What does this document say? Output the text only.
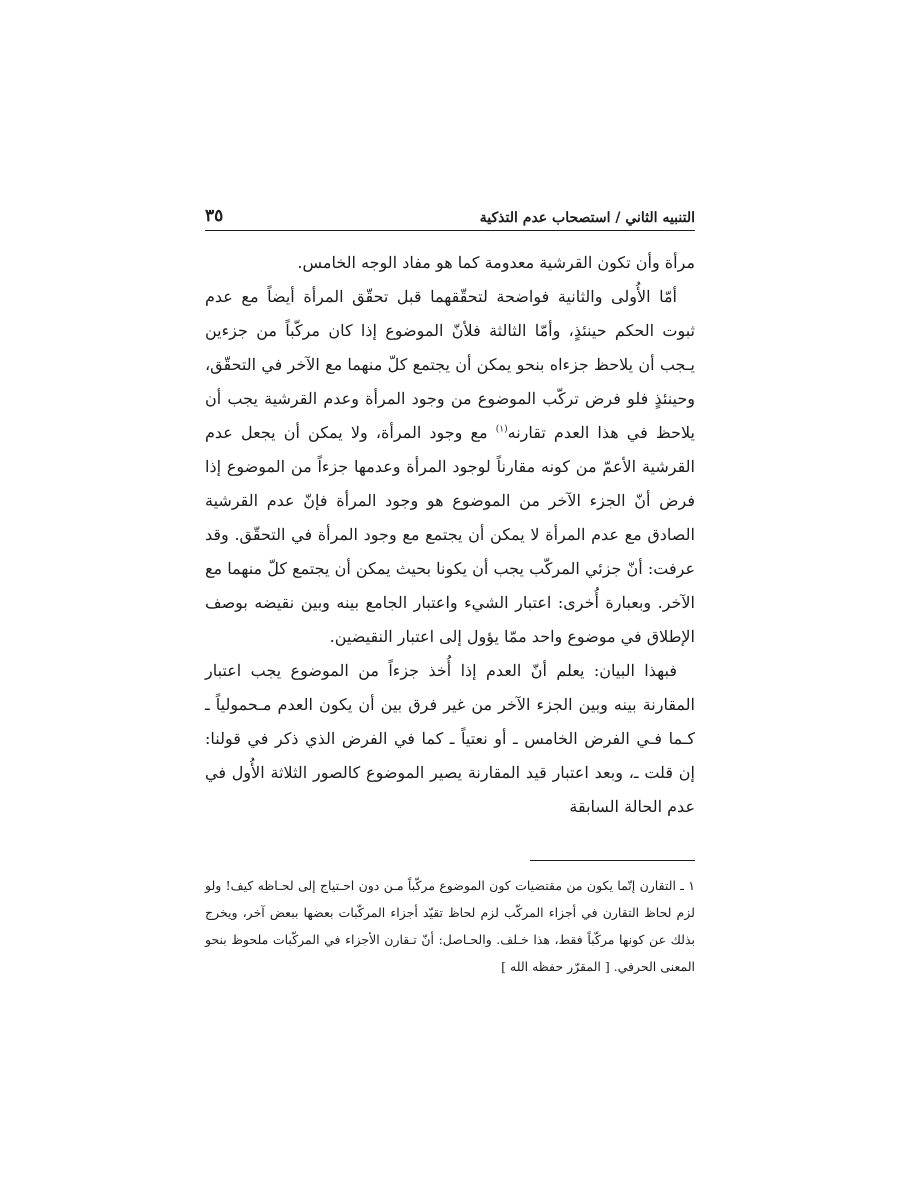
التنبيه الثاني / استصحاب عدم التذكية
٣٥

مرأة وأن تكون القرشية معدومة كما هو مفاد الوجه الخامس.

أمّا الأُولى والثانية فواضحة لتحقّقهما قبل تحقّق المرأة أيضاً مع عدم ثبوت الحكم حينئذٍ، وأمّا الثالثة فلأنّ الموضوع إذا كان مركّباً من جزءين يـجب أن يلاحظ جزءاه بنحو يمكن أن يجتمع كلّ منهما مع الآخر في التحقّق، وحينئذٍ فلو فرض تركّب الموضوع من وجود المرأة وعدم القرشية يجب أن يلاحظ في هذا العدم تقارنه$^{(١)}$ مع وجود المرأة، ولا يمكن أن يجعل عدم القرشية الأعمّ من كونه مقارناً لوجود المرأة وعدمها جزءاً من الموضوع إذا فرض أنّ الجزء الآخر من الموضوع هو وجود المرأة فإنّ عدم القرشية الصادق مع عدم المرأة لا يمكن أن يجتمع مع وجود المرأة في التحقّق. وقد عرفت: أنّ جزئي المركّب يجب أن يكونا بحيث يمكن أن يجتمع كلّ منهما مع الآخر. وبعبارة أُخرى: اعتبار الشيء واعتبار الجامع بينه وبين نقيضه بوصف الإطلاق في موضوع واحد ممّا يؤول إلى اعتبار النقيضين.

فبهذا البيان: يعلم أنّ العدم إذا أُخذ جزءاً من الموضوع يجب اعتبار المقارنة بينه وبين الجزء الآخر من غير فرق بين أن يكون العدم مـحمولياً ـ كـما فـي الفرض الخامس ـ أو نعتياً ـ كما في الفرض الذي ذكر في قولنا: إن قلت ـ، وبعد اعتبار قيد المقارنة يصير الموضوع كالصور الثلاثة الأُول في عدم الحالة السابقة

١ ـ التقارن إنّما يكون من مقتضيات كون الموضوع مركّباً مـن دون احـتياج إلى لحـاظه كيف! ولو لزم لحاظ التقارن في أجزاء المركّب لزم لحاظ تقيّد أجزاء المركّبات بعضها ببعض آخر، ويخرج بذلك عن كونها مركّباً فقط، هذا خـلف. والحـاصل: أنّ تـقارن الأجزاء في المركّبات ملحوظ بنحو المعنى الحرفي. [ المقرّر حفظه الله ]
